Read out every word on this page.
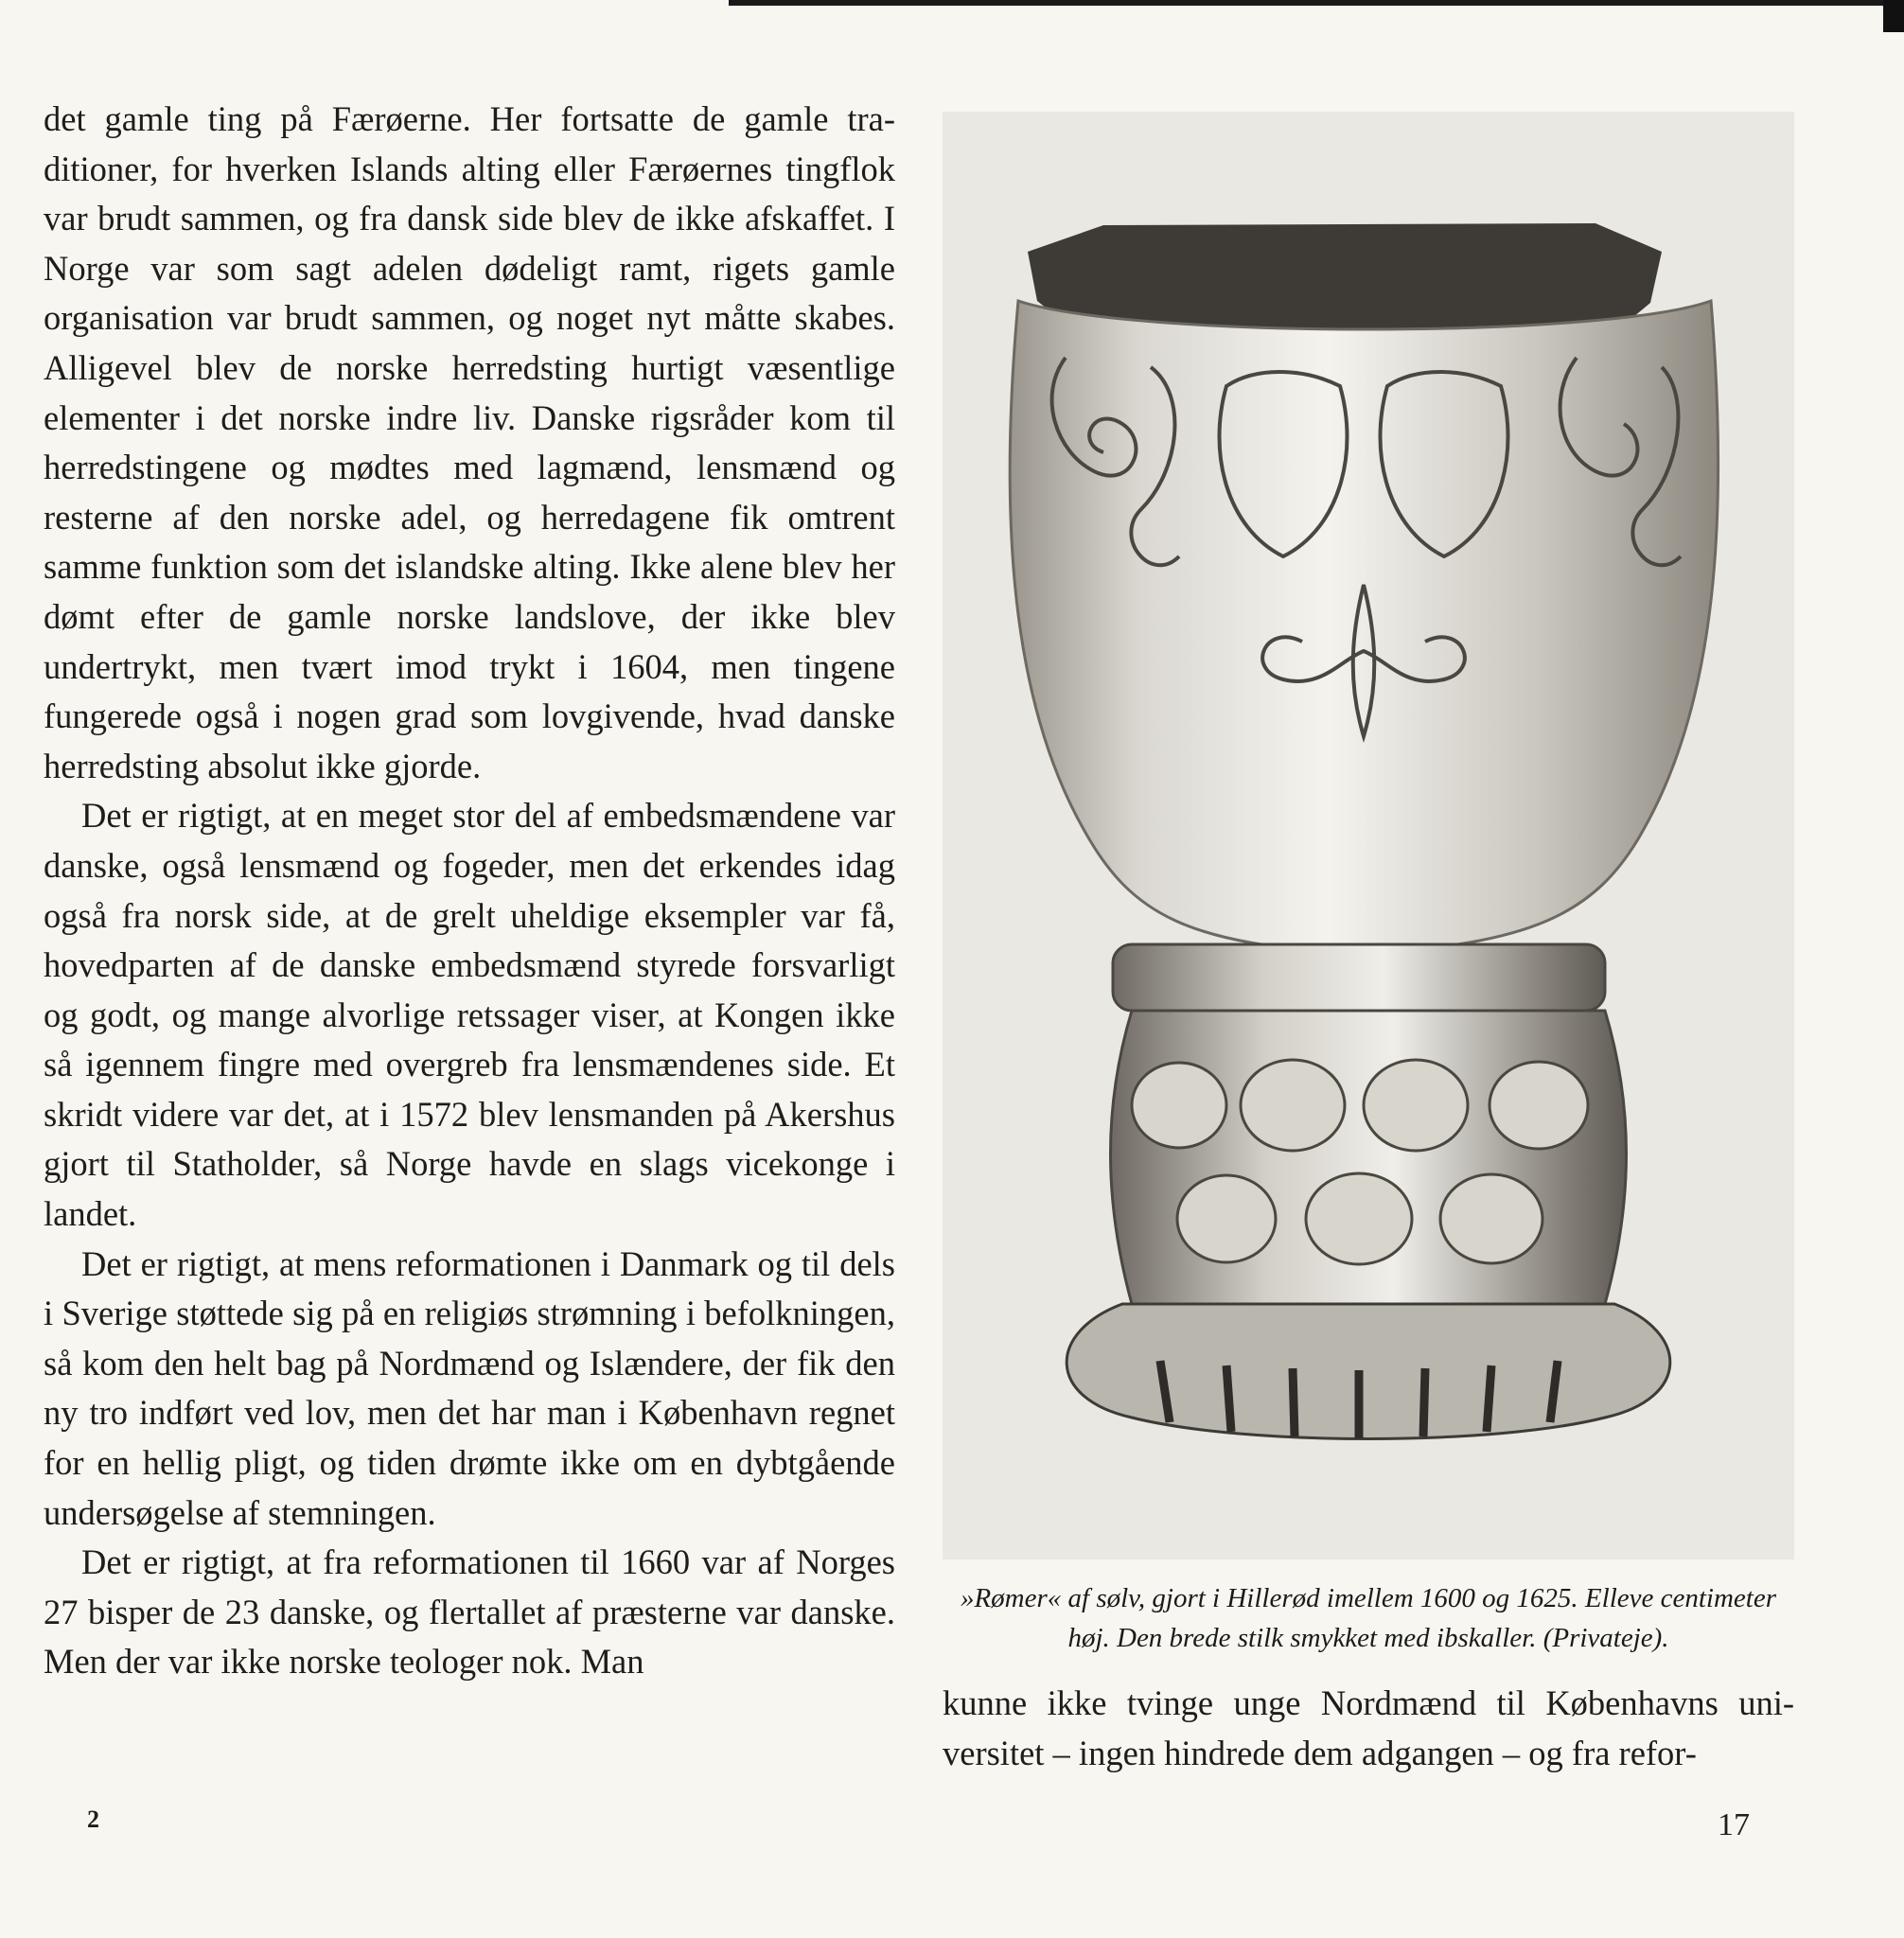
det gamle ting på Færøerne. Her fortsatte de gamle traditioner, for hverken Islands alting eller Færøernes tingflok var brudt sammen, og fra dansk side blev de ikke afskaffet. I Norge var som sagt adelen dødeligt ramt, rigets gamle organisation var brudt sammen, og noget nyt måtte skabes. Alligevel blev de norske herredsting hurtigt væsentlige elementer i det norske indre liv. Danske rigsråder kom til herredstingene og mødtes med lagmænd, lensmænd og resterne af den norske adel, og herredagene fik omtrent samme funktion som det islandske alting. Ikke alene blev her dømt efter de gamle norske landslove, der ikke blev undertrykt, men tvært imod trykt i 1604, men tingene fungerede også i nogen grad som lovgivende, hvad danske herredsting absolut ikke gjorde.

Det er rigtigt, at en meget stor del af embedsmændene var danske, også lensmænd og fogeder, men det erkendes idag også fra norsk side, at de grelt uheldige eksempler var få, hovedparten af de danske embedsmænd styrede forsvarligt og godt, og mange alvorlige retssager viser, at Kongen ikke så igennem fingre med overgreb fra lensmændenes side. Et skridt videre var det, at i 1572 blev lensmanden på Akershus gjort til Statholder, så Norge havde en slags vicekonge i landet.

Det er rigtigt, at mens reformationen i Danmark og til dels i Sverige støttede sig på en religiøs strømning i befolkningen, så kom den helt bag på Nordmænd og Islændere, der fik den ny tro indført ved lov, men det har man i København regnet for en hellig pligt, og tiden drømte ikke om en dybtgående undersøgelse af stemningen.

Det er rigtigt, at fra reformationen til 1660 var af Norges 27 bisper de 23 danske, og flertallet af præsterne var danske. Men der var ikke norske teologer nok. Man

»Rømer« af sølv, gjort i Hillerød imellem 1600 og 1625. Elleve centimeter høj. Den brede stilk smykket med ibskaller. (Privateje).

kunne ikke tvinge unge Nordmænd til Københavns universitet – ingen hindrede dem adgangen – og fra refor-

2	17
